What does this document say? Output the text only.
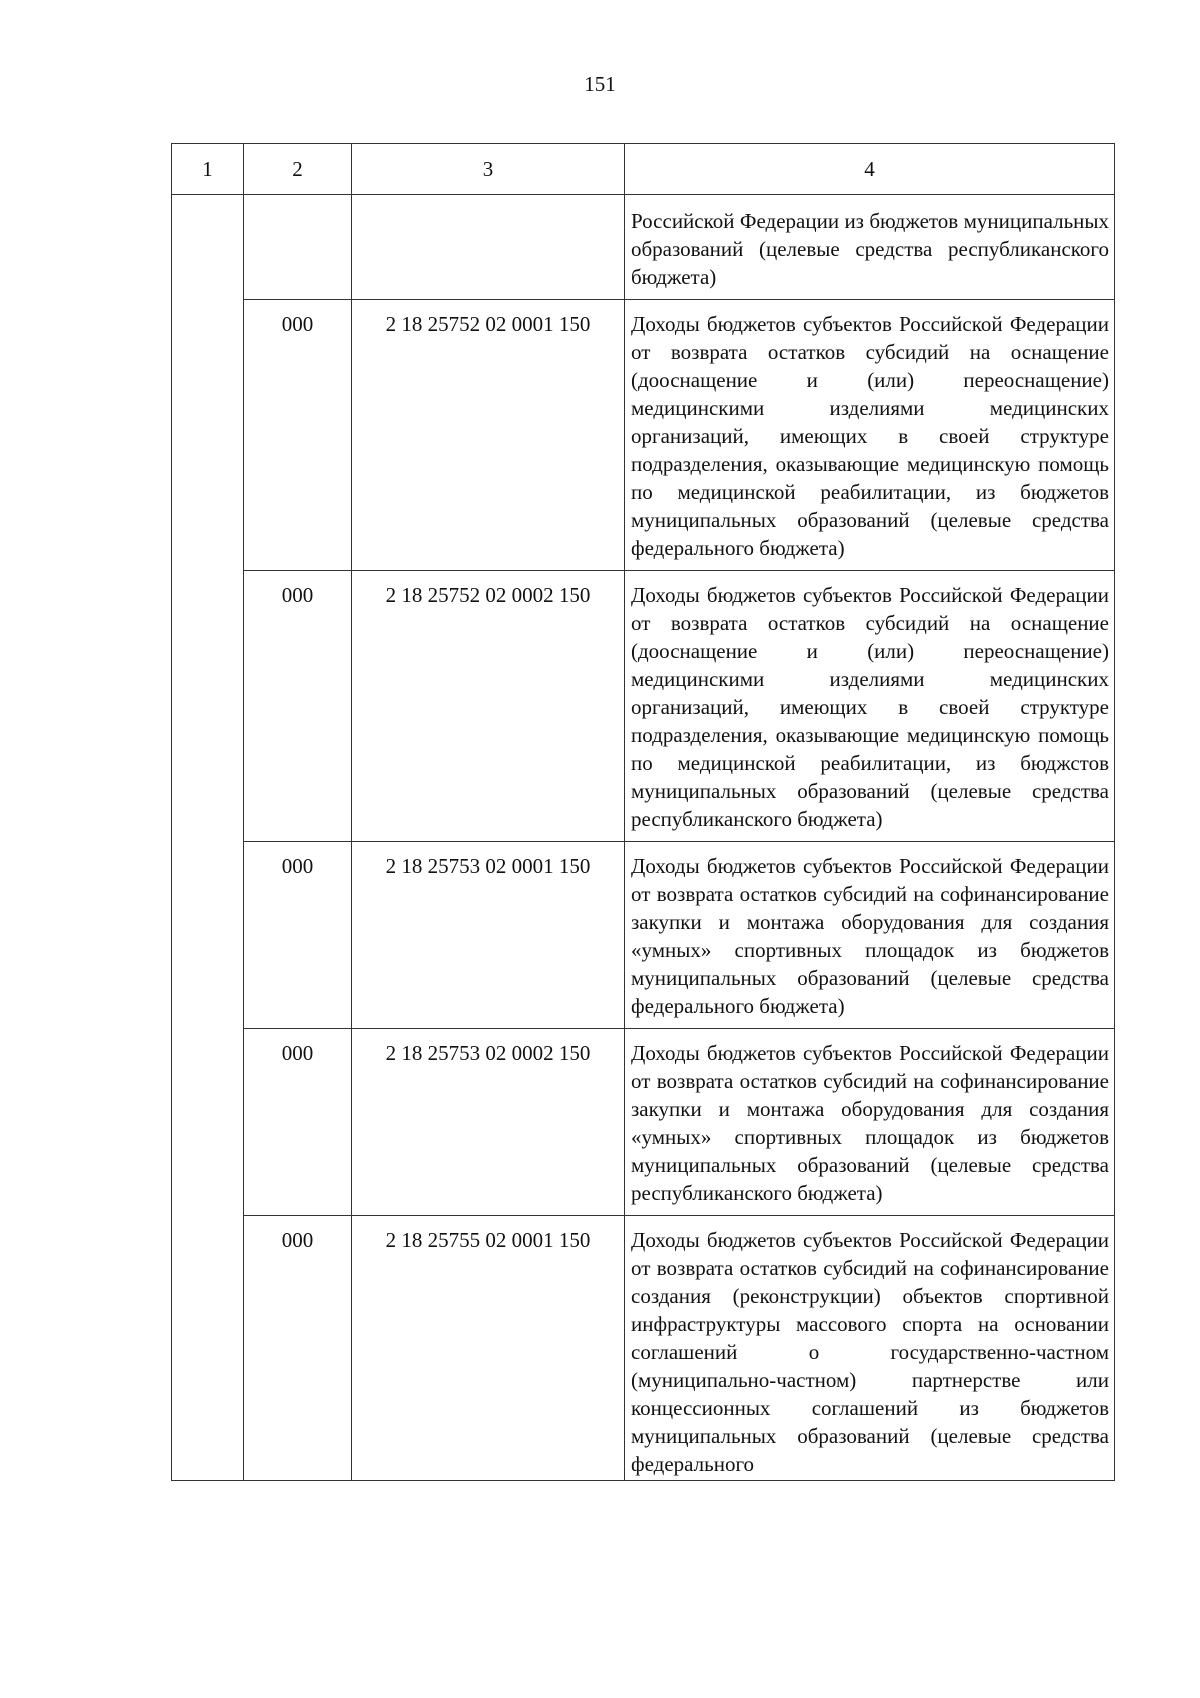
151
1	2	3	4
			Российской Федерации из бюджетов муниципальных образований (целевые средства республиканского бюджета)
	000	2 18 25752 02 0001 150	Доходы бюджетов субъектов Российской Федерации от возврата остатков субсидий на оснащение (дооснащение и (или) переоснащение) медицинскими изделиями медицинских организаций, имеющих в своей структуре подразделения, оказывающие медицинскую помощь по медицинской реабилитации, из бюджетов муниципальных образований (целевые средства федерального бюджета)
	000	2 18 25752 02 0002 150	Доходы бюджетов субъектов Российской Федерации от возврата остатков субсидий на оснащение (дооснащение и (или) переоснащение) медицинскими изделиями медицинских организаций, имеющих в своей структуре подразделения, оказывающие медицинскую помощь по медицинской реабилитации, из бюджстов муниципальных образований (целевые средства республиканского бюджета)
	000	2 18 25753 02 0001 150	Доходы бюджетов субъектов Российской Федерации от возврата остатков субсидий на софинансирование закупки и монтажа оборудования для создания «умных» спортивных площадок из бюджетов муниципальных образований (целевые средства федерального бюджета)
	000	2 18 25753 02 0002 150	Доходы бюджетов субъектов Российской Федерации от возврата остатков субсидий на софинансирование закупки и монтажа оборудования для создания «умных» спортивных площадок из бюджетов муниципальных образований (целевые средства республиканского бюджета)
	000	2 18 25755 02 0001 150	Доходы бюджетов субъектов Российской Федерации от возврата остатков субсидий на софинансирование создания (реконструкции) объектов спортивной инфраструктуры массового спорта на основании соглашений о государственно-частном (муниципально-частном) партнерстве или концессионных соглашений из бюджетов муниципальных образований (целевые средства федерального
